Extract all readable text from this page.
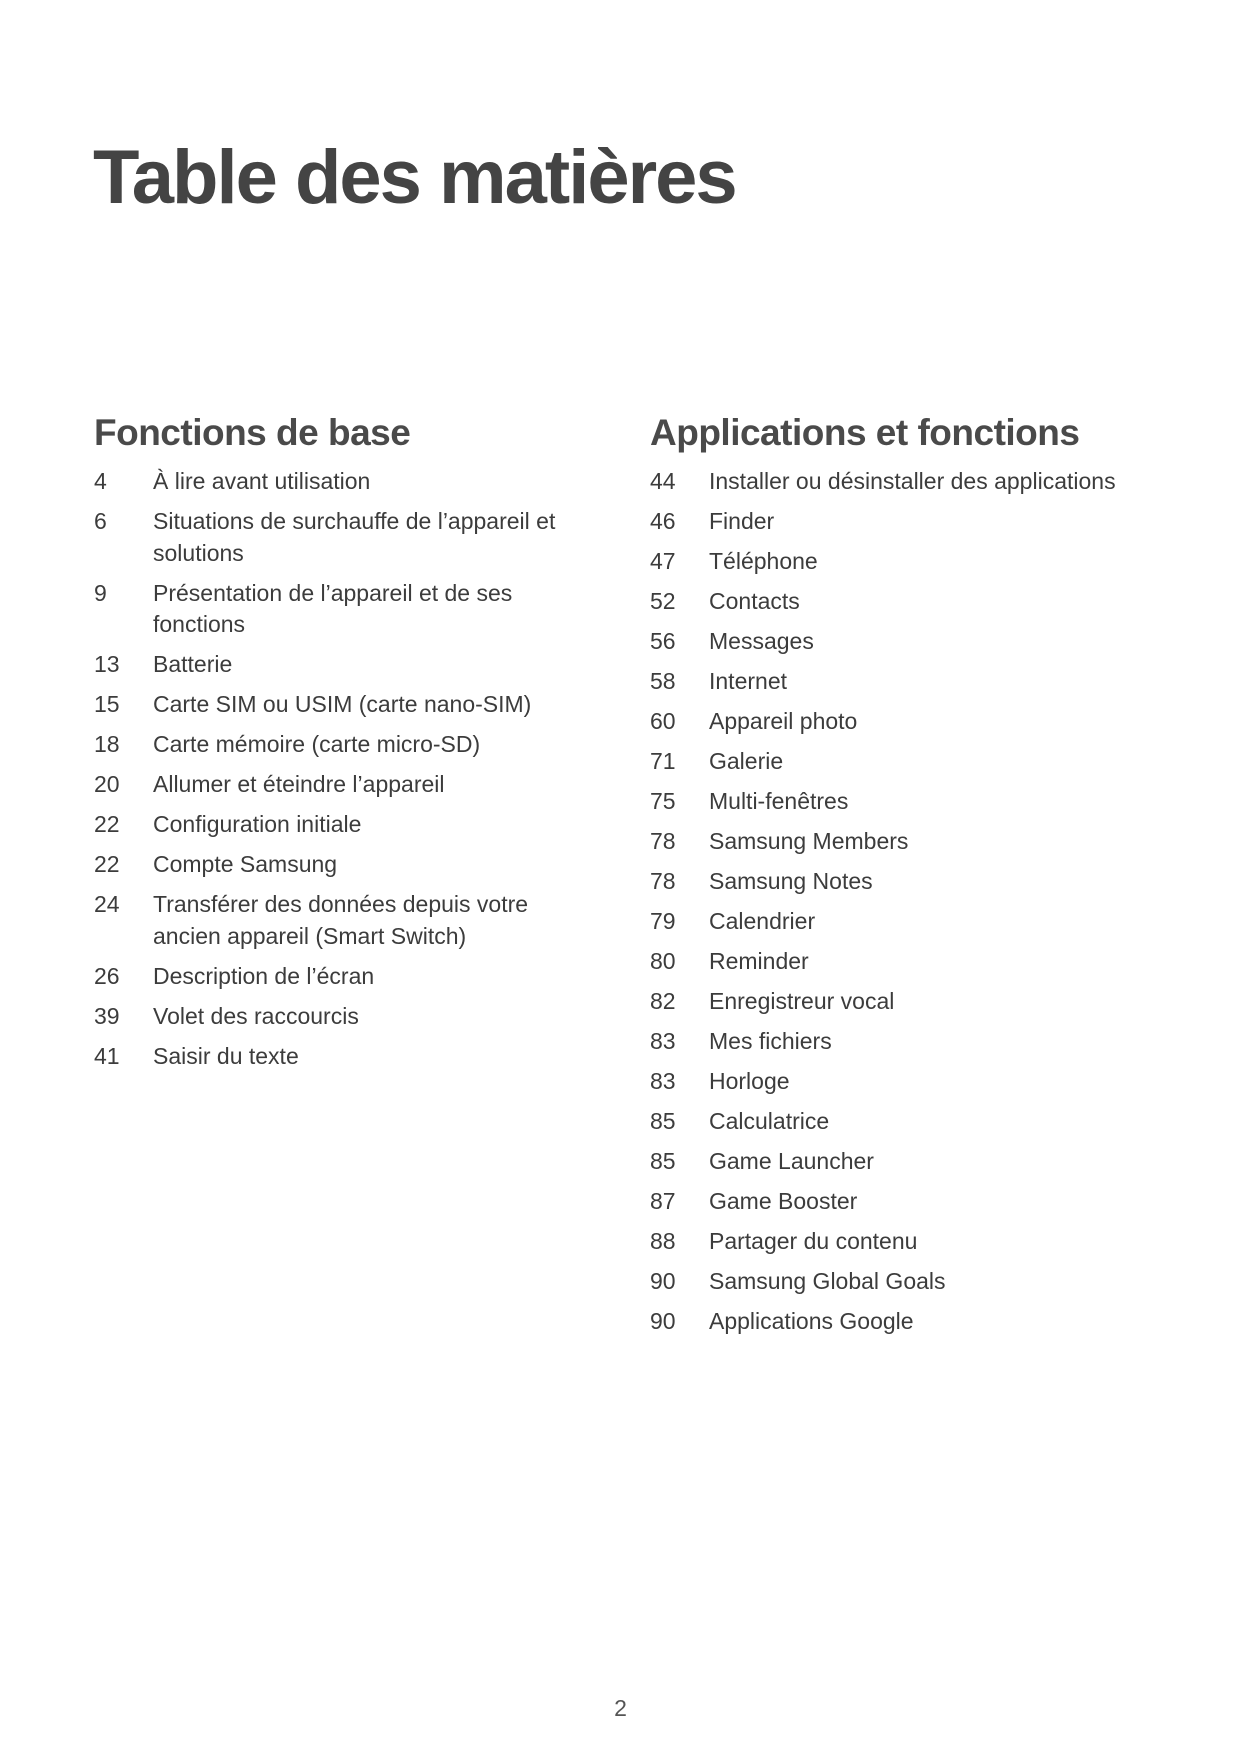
Table des matières
Fonctions de base
4	À lire avant utilisation
6	Situations de surchauffe de l’appareil et solutions
9	Présentation de l’appareil et de ses fonctions
13	Batterie
15	Carte SIM ou USIM (carte nano-SIM)
18	Carte mémoire (carte micro-SD)
20	Allumer et éteindre l’appareil
22	Configuration initiale
22	Compte Samsung
24	Transférer des données depuis votre ancien appareil (Smart Switch)
26	Description de l’écran
39	Volet des raccourcis
41	Saisir du texte
Applications et fonctions
44	Installer ou désinstaller des applications
46	Finder
47	Téléphone
52	Contacts
56	Messages
58	Internet
60	Appareil photo
71	Galerie
75	Multi-fenêtres
78	Samsung Members
78	Samsung Notes
79	Calendrier
80	Reminder
82	Enregistreur vocal
83	Mes fichiers
83	Horloge
85	Calculatrice
85	Game Launcher
87	Game Booster
88	Partager du contenu
90	Samsung Global Goals
90	Applications Google
2
